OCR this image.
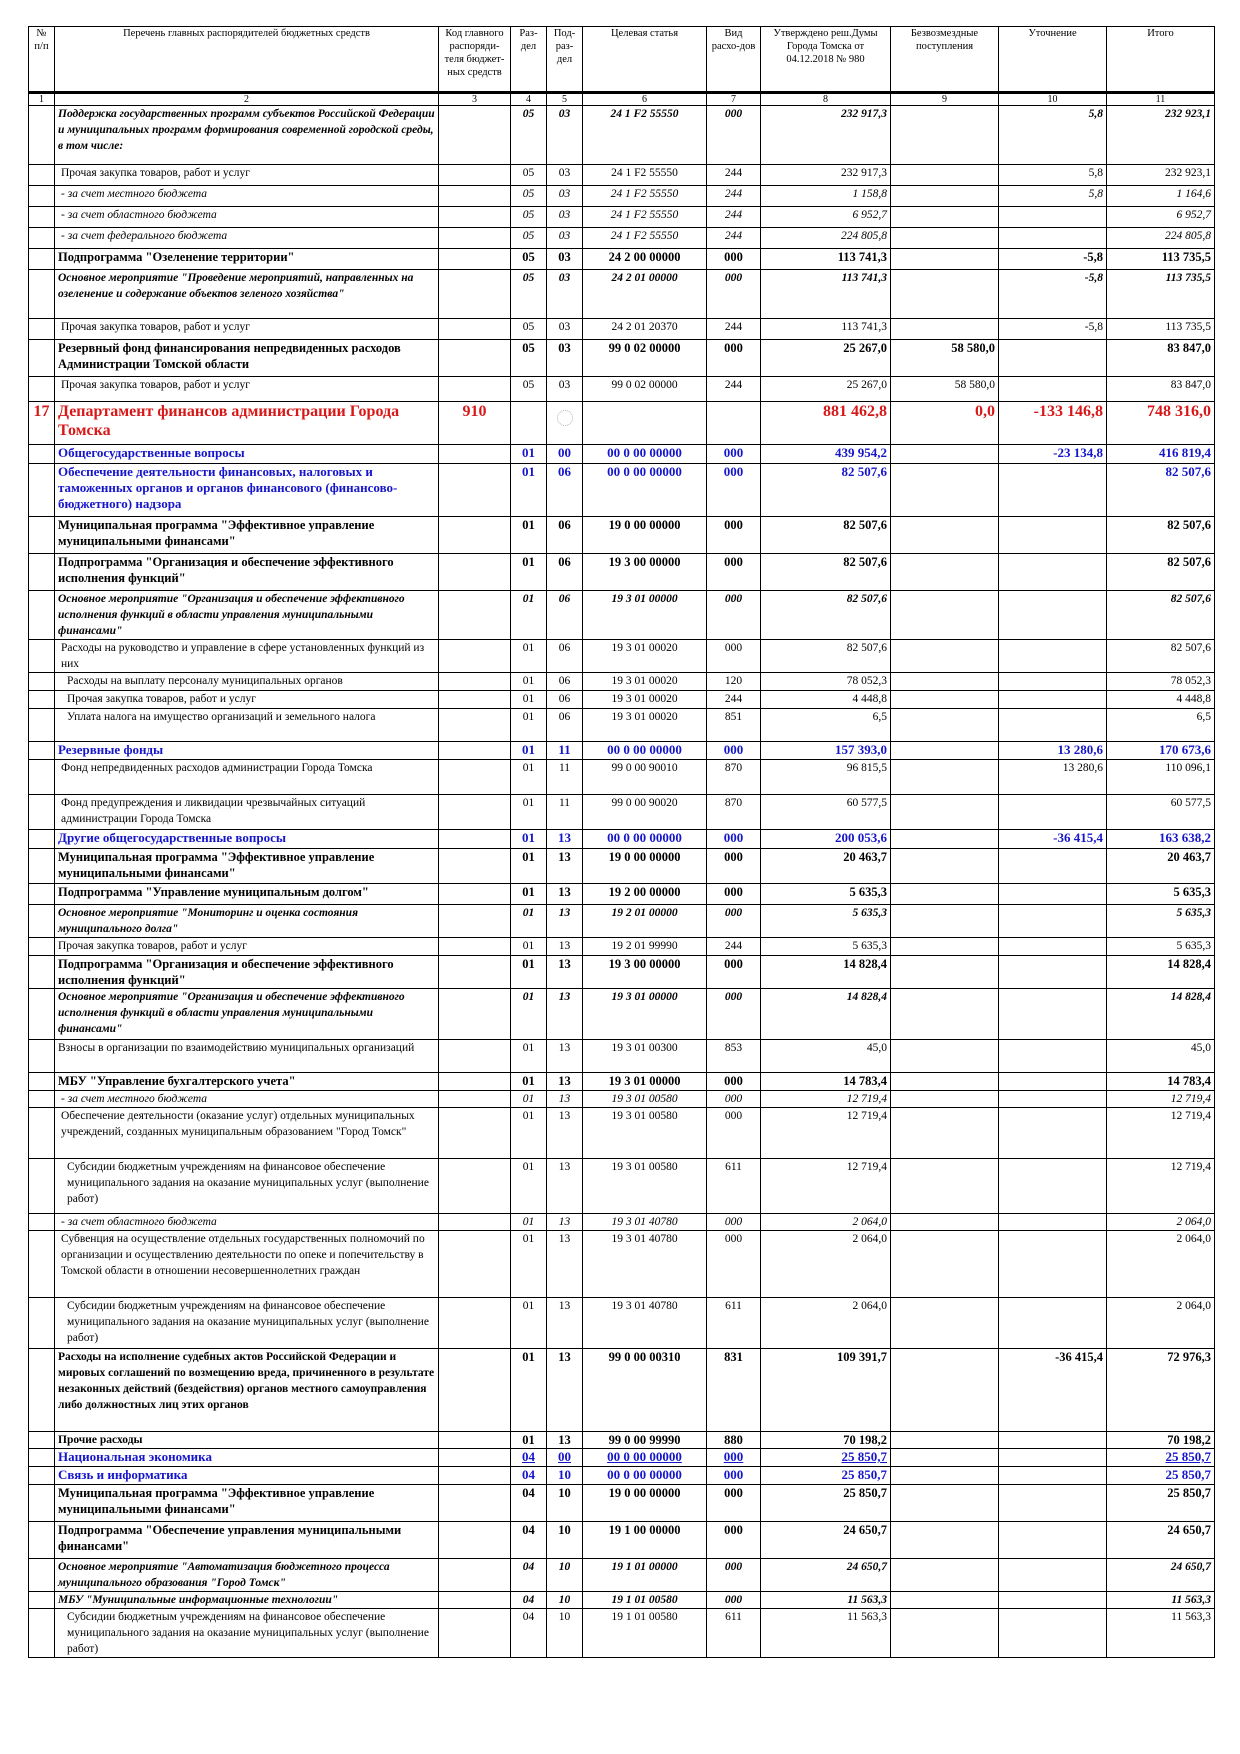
№ п/п	Перечень главных распорядителей бюджетных средств	Код главного распоряди-теля бюджет-ных средств	Раз-дел	Под-раз-дел	Целевая статья	Вид расхо-дов	Утверждено реш.Думы Города Томска от 04.12.2018 № 980	Безвозмездные поступления	Уточнение	Итого
1	2	3	4	5	6	7	8	9	10	11
	Поддержка государственных программ субъектов Российской Федерации и муниципальных программ формирования современной городской среды, в том числе:		05	03	24 1 F2 55550	000	232 917,3		5,8	232 923,1
	Прочая закупка товаров, работ и услуг		05	03	24 1 F2 55550	244	232 917,3		5,8	232 923,1
	- за счет местного бюджета		05	03	24 1 F2 55550	244	1 158,8		5,8	1 164,6
	- за счет областного бюджета		05	03	24 1 F2 55550	244	6 952,7			6 952,7
	- за счет федерального бюджета		05	03	24 1 F2 55550	244	224 805,8			224 805,8
	Подпрограмма "Озеленение территории"		05	03	24 2 00 00000	000	113 741,3		-5,8	113 735,5
	Основное мероприятие "Проведение мероприятий, направленных на озеленение и содержание объектов зеленого хозяйства"		05	03	24 2 01 00000	000	113 741,3		-5,8	113 735,5
	Прочая закупка товаров, работ и услуг		05	03	24 2 01 20370	244	113 741,3		-5,8	113 735,5
	Резервный фонд финансирования непредвиденных расходов Администрации Томской области		05	03	99 0 02 00000	000	25 267,0	58 580,0		83 847,0
	Прочая закупка товаров, работ и услуг		05	03	99 0 02 00000	244	25 267,0	58 580,0		83 847,0
17	Департамент финансов администрации Города Томска	910					881 462,8	0,0	-133 146,8	748 316,0
	Общегосударственные вопросы		01	00	00 0 00 00000	000	439 954,2		-23 134,8	416 819,4
	Обеспечение деятельности финансовых, налоговых и таможенных органов и органов финансового (финансово-бюджетного) надзора		01	06	00 0 00 00000	000	82 507,6			82 507,6
	Муниципальная программа "Эффективное управление муниципальными финансами"		01	06	19 0 00 00000	000	82 507,6			82 507,6
	Подпрограмма "Организация и обеспечение эффективного исполнения функций"		01	06	19 3 00 00000	000	82 507,6			82 507,6
	Основное мероприятие "Организация и обеспечение эффективного исполнения функций в области управления муниципальными финансами"		01	06	19 3 01 00000	000	82 507,6			82 507,6
	Расходы на руководство и управление в сфере установленных функций из них		01	06	19 3 01 00020	000	82 507,6			82 507,6
	Расходы на выплату персоналу муниципальных органов		01	06	19 3 01 00020	120	78 052,3			78 052,3
	Прочая закупка товаров, работ и услуг		01	06	19 3 01 00020	244	4 448,8			4 448,8
	Уплата налога на имущество организаций и земельного налога		01	06	19 3 01 00020	851	6,5			6,5
	Резервные фонды		01	11	00 0 00 00000	000	157 393,0		13 280,6	170 673,6
	Фонд непредвиденных расходов администрации Города Томска		01	11	99 0 00 90010	870	96 815,5		13 280,6	110 096,1
	Фонд предупреждения и ликвидации чрезвычайных ситуаций администрации Города Томска		01	11	99 0 00 90020	870	60 577,5			60 577,5
	Другие общегосударственные вопросы		01	13	00 0 00 00000	000	200 053,6		-36 415,4	163 638,2
	Муниципальная программа "Эффективное управление муниципальными финансами"		01	13	19 0 00 00000	000	20 463,7			20 463,7
	Подпрограмма "Управление муниципальным долгом"		01	13	19 2 00 00000	000	5 635,3			5 635,3
	Основное мероприятие "Мониторинг и оценка состояния муниципального долга"		01	13	19 2 01 00000	000	5 635,3			5 635,3
	Прочая закупка товаров, работ и услуг		01	13	19 2 01 99990	244	5 635,3			5 635,3
	Подпрограмма "Организация и обеспечение эффективного исполнения функций"		01	13	19 3 00 00000	000	14 828,4			14 828,4
	Основное мероприятие "Организация и обеспечение эффективного исполнения функций в области управления муниципальными финансами"		01	13	19 3 01 00000	000	14 828,4			14 828,4
	Взносы в организации по взаимодействию муниципальных организаций		01	13	19 3 01 00300	853	45,0			45,0
	МБУ "Управление бухгалтерского учета"		01	13	19 3 01 00000	000	14 783,4			14 783,4
	- за счет местного бюджета		01	13	19 3 01 00580	000	12 719,4			12 719,4
	Обеспечение деятельности (оказание услуг) отдельных муниципальных учреждений, созданных муниципальным образованием "Город Томск"		01	13	19 3 01 00580	000	12 719,4			12 719,4
	Субсидии бюджетным учреждениям на финансовое обеспечение муниципального задания на оказание муниципальных услуг (выполнение работ)		01	13	19 3 01 00580	611	12 719,4			12 719,4
	- за счет областного бюджета		01	13	19 3 01 40780	000	2 064,0			2 064,0
	Субвенция на осуществление отдельных государственных полномочий по организации и осуществлению деятельности по опеке и попечительству в Томской области в отношении несовершеннолетних граждан		01	13	19 3 01 40780	000	2 064,0			2 064,0
	Субсидии бюджетным учреждениям на финансовое обеспечение муниципального задания на оказание муниципальных услуг (выполнение работ)		01	13	19 3 01 40780	611	2 064,0			2 064,0
	Расходы на исполнение судебных актов Российской Федерации и мировых соглашений по возмещению вреда, причиненного в результате незаконных действий (бездействия) органов местного самоуправления либо должностных лиц этих органов		01	13	99 0 00 00310	831	109 391,7		-36 415,4	72 976,3
	Прочие расходы		01	13	99 0 00 99990	880	70 198,2			70 198,2
	Национальная экономика		04	00	00 0 00 00000	000	25 850,7			25 850,7
	Связь и информатика		04	10	00 0 00 00000	000	25 850,7			25 850,7
	Муниципальная программа "Эффективное управление муниципальными финансами"		04	10	19 0 00 00000	000	25 850,7			25 850,7
	Подпрограмма "Обеспечение управления муниципальными финансами"		04	10	19 1 00 00000	000	24 650,7			24 650,7
	Основное мероприятие "Автоматизация бюджетного процесса муниципального образования "Город Томск"		04	10	19 1 01 00000	000	24 650,7			24 650,7
	МБУ "Муниципальные информационные технологии"		04	10	19 1 01 00580	000	11 563,3			11 563,3
	Субсидии бюджетным учреждениям на финансовое обеспечение муниципального задания на оказание муниципальных услуг (выполнение работ)		04	10	19 1 01 00580	611	11 563,3			11 563,3
